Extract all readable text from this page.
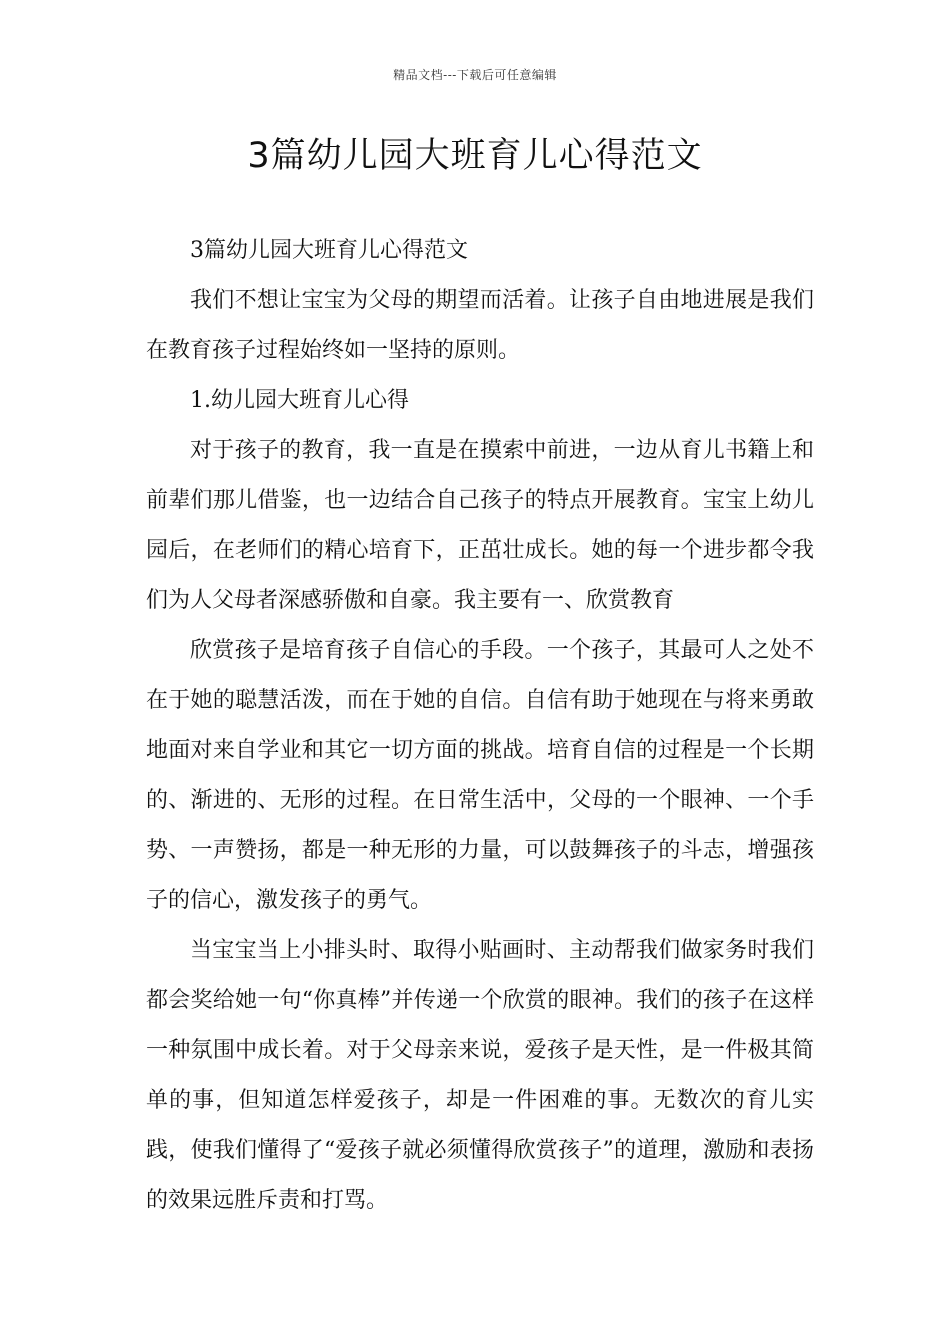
精品文档---下载后可任意编辑
3篇幼儿园大班育儿心得范文

3篇幼儿园大班育儿心得范文

我们不想让宝宝为父母的期望而活着。让孩子自由地进展是我们在教育孩子过程始终如一坚持的原则。

1.幼儿园大班育儿心得

对于孩子的教育，我一直是在摸索中前进，一边从育儿书籍上和前辈们那儿借鉴，也一边结合自己孩子的特点开展教育。宝宝上幼儿园后，在老师们的精心培育下，正茁壮成长。她的每一个进步都令我们为人父母者深感骄傲和自豪。我主要有一、欣赏教育

欣赏孩子是培育孩子自信心的手段。一个孩子，其最可人之处不在于她的聪慧活泼，而在于她的自信。自信有助于她现在与将来勇敢地面对来自学业和其它一切方面的挑战。培育自信的过程是一个长期的、渐进的、无形的过程。在日常生活中，父母的一个眼神、一个手势、一声赞扬，都是一种无形的力量，可以鼓舞孩子的斗志，增强孩子的信心，激发孩子的勇气。

当宝宝当上小排头时、取得小贴画时、主动帮我们做家务时我们都会奖给她一句“你真棒”并传递一个欣赏的眼神。我们的孩子在这样一种氛围中成长着。对于父母亲来说，爱孩子是天性，是一件极其简单的事，但知道怎样爱孩子，却是一件困难的事。无数次的育儿实践，使我们懂得了“爱孩子就必须懂得欣赏孩子”的道理，激励和表扬的效果远胜斥责和打骂。
